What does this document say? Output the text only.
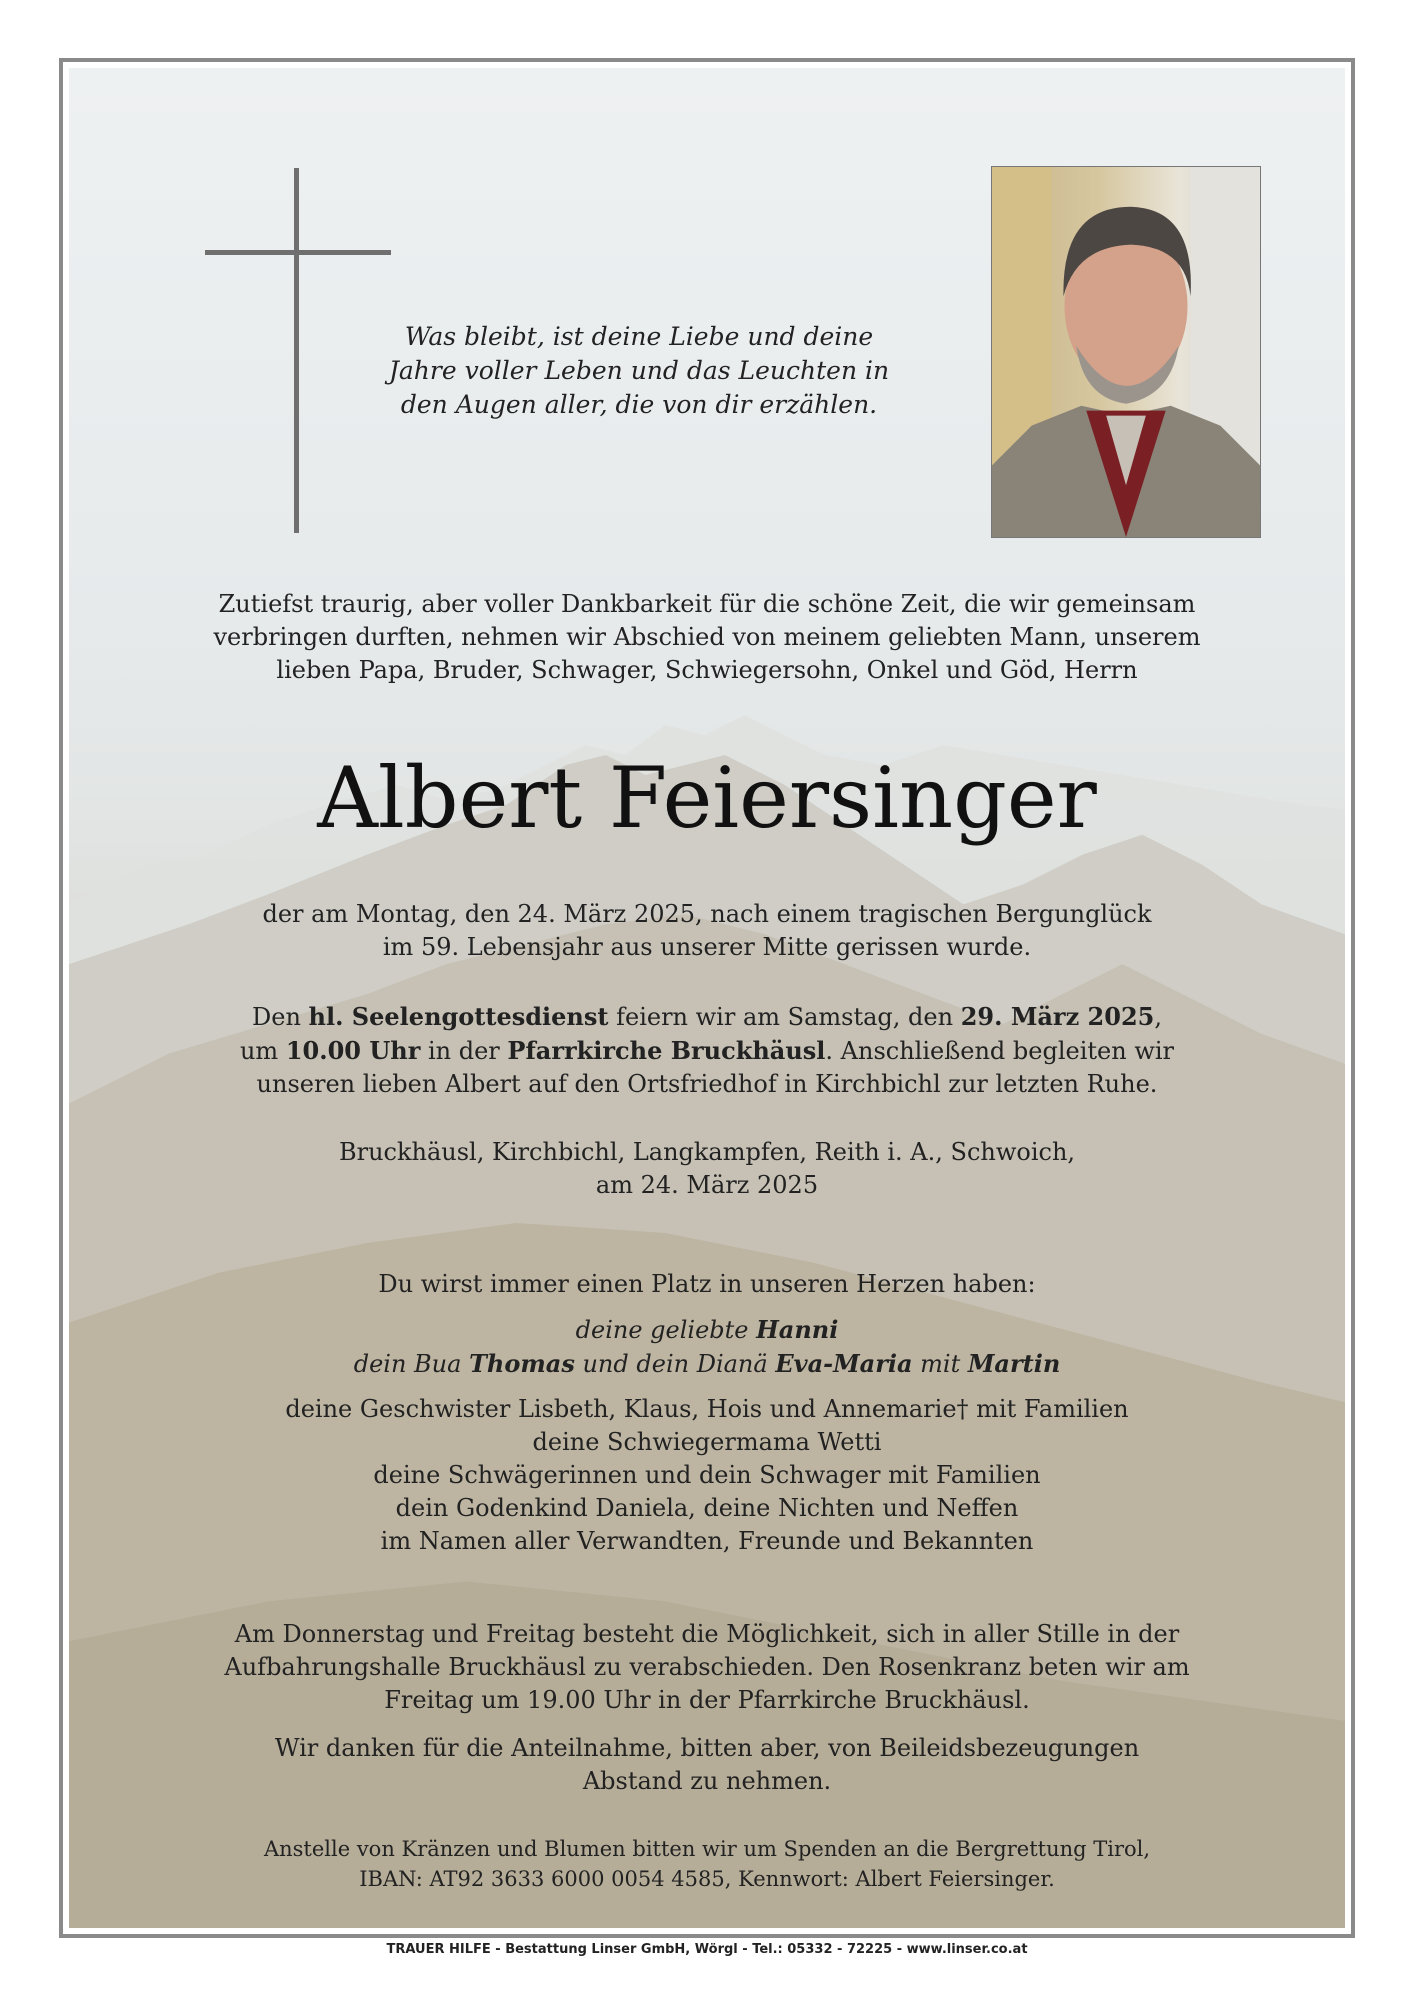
Was bleibt, ist deine Liebe und deine
Jahre voller Leben und das Leuchten in
den Augen aller, die von dir erzählen.
Zutiefst traurig, aber voller Dankbarkeit für die schöne Zeit, die wir gemeinsam
verbringen durften, nehmen wir Abschied von meinem geliebten Mann, unserem
lieben Papa, Bruder, Schwager, Schwiegersohn, Onkel und Göd, Herrn
Albert Feiersinger
der am Montag, den 24. März 2025, nach einem tragischen Bergunglück
im 59. Lebensjahr aus unserer Mitte gerissen wurde.
Den hl. Seelengottesdienst feiern wir am Samstag, den 29. März 2025,
um 10.00 Uhr in der Pfarrkirche Bruckhäusl. Anschließend begleiten wir
unseren lieben Albert auf den Ortsfriedhof in Kirchbichl zur letzten Ruhe.
Bruckhäusl, Kirchbichl, Langkampfen, Reith i. A., Schwoich,
am 24. März 2025
Du wirst immer einen Platz in unseren Herzen haben:
deine geliebte Hanni
dein Bua Thomas und dein Dianä Eva-Maria mit Martin
deine Geschwister Lisbeth, Klaus, Hois und Annemarie† mit Familien
deine Schwiegermama Wetti
deine Schwägerinnen und dein Schwager mit Familien
dein Godenkind Daniela, deine Nichten und Neffen
im Namen aller Verwandten, Freunde und Bekannten
Am Donnerstag und Freitag besteht die Möglichkeit, sich in aller Stille in der
Aufbahrungshalle Bruckhäusl zu verabschieden. Den Rosenkranz beten wir am
Freitag um 19.00 Uhr in der Pfarrkirche Bruckhäusl.
Wir danken für die Anteilnahme, bitten aber, von Beileidsbezeugungen
Abstand zu nehmen.
Anstelle von Kränzen und Blumen bitten wir um Spenden an die Bergrettung Tirol,
IBAN: AT92 3633 6000 0054 4585, Kennwort: Albert Feiersinger.
TRAUER HILFE - Bestattung Linser GmbH, Wörgl - Tel.: 05332 - 72225 - www.linser.co.at
